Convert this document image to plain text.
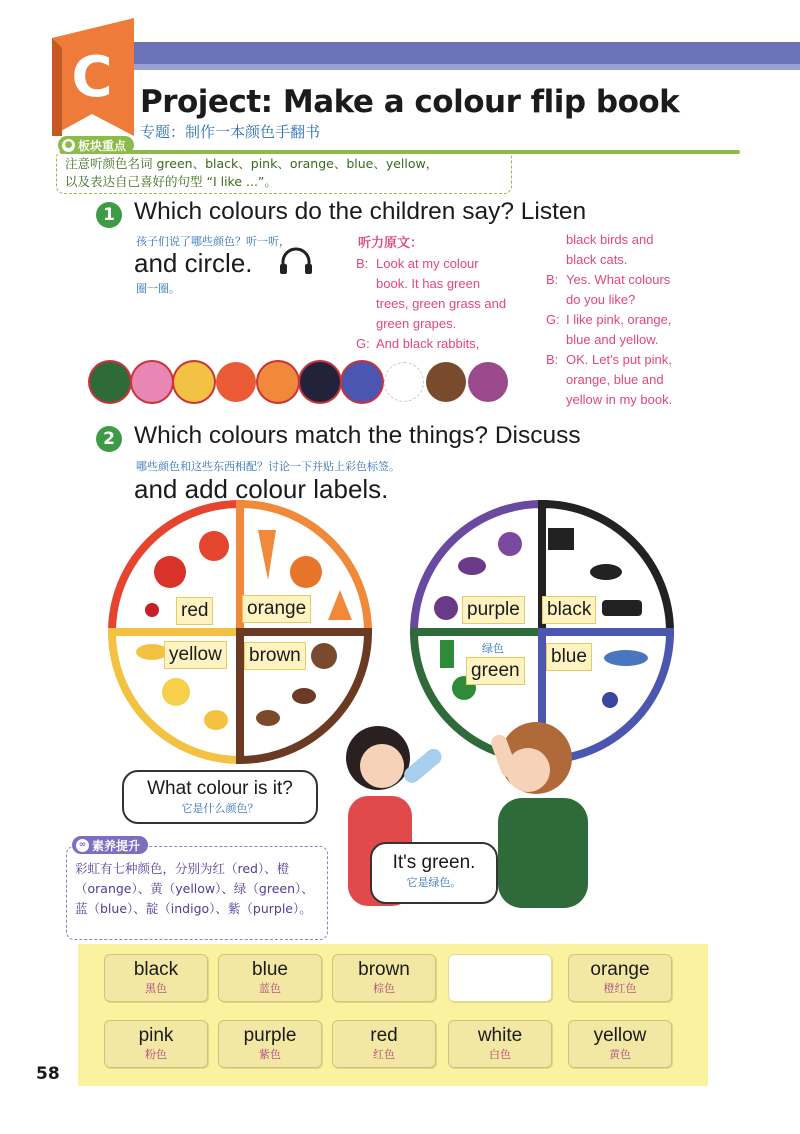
C Project: Make a colour flip book
专题：制作一本颜色手翻书
注意听颜色名词 green、black、pink、orange、blue、yellow，
以及表达自己喜好的句型 “I like ...”。
● 板块重点
1 Which colours do the children say? Listen
孩子们说了哪些颜色？听一听，
and circle.
圈一圈。
听力原文：
B: Look at my colour
book. It has green
trees, green grass and
green grapes.
G: And black rabbits,
black birds and
black cats.
B: Yes. What colours
do you like?
G: I like pink, orange,
blue and yellow.
B: OK. Let's put pink,
orange, blue and
yellow in my book.
2 Which colours match the things? Discuss
哪些颜色和这些东西相配？讨论一下并贴上彩色标签。
and add colour labels.
red orange
yellow brown
purple black
绿色
green
blue
What colour is it?
它是什么颜色？
It's green.
它是绿色。
彩虹有七种颜色，分别为红（red）、橙（orange）、黄（yellow）、绿（green）、蓝（blue）、靛（indigo）、紫（purple）。
∞ 素养提升
black
黑色
blue
蓝色
brown
棕色
orange
橙红色
pink
粉色
purple
紫色
red
红色
white
白色
yellow
黄色
58
